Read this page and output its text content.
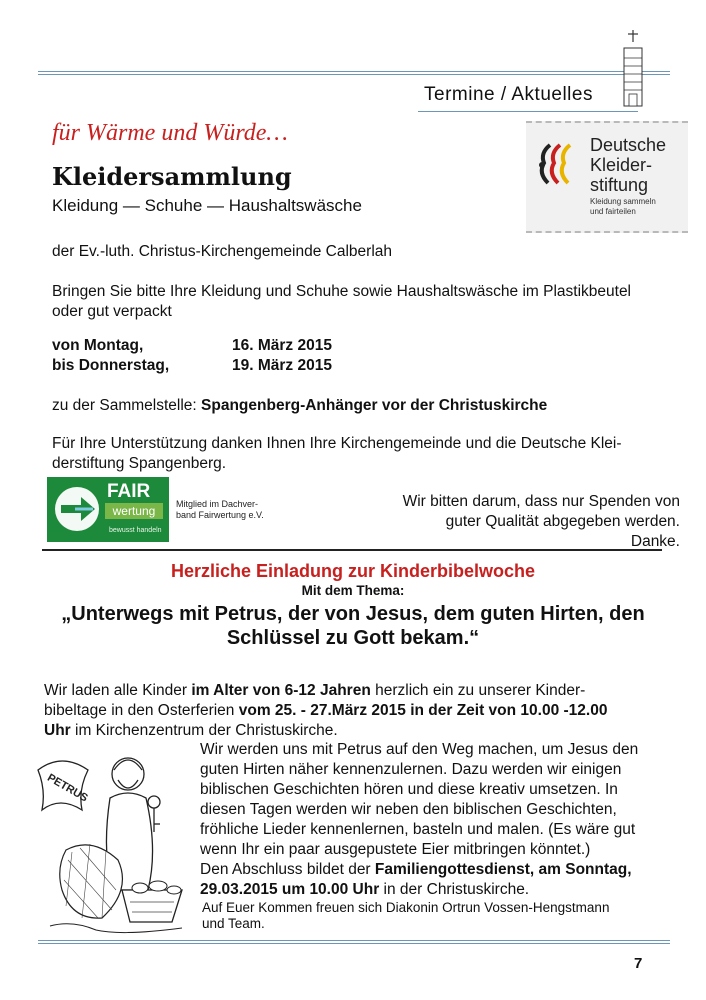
Termine / Aktuelles
für Wärme und Würde…
Kleidersammlung
Kleidung — Schuhe — Haushaltswäsche
Deutsche
Kleider-
stiftung
Kleidung sammeln
und fairteilen
der Ev.-luth. Christus-Kirchengemeinde Calberlah
Bringen Sie bitte Ihre Kleidung und Schuhe sowie Haushaltswäsche im Plastikbeutel
oder gut verpackt
von Montag,	16. März 2015
bis Donnerstag,	19. März 2015
zu der Sammelstelle: Spangenberg-Anhänger vor der Christuskirche
Für Ihre Unterstützung danken Ihnen Ihre Kirchengemeinde und die Deutsche Klei-
derstiftung Spangenberg.
FAIR
wertung
bewusst handeln
Mitglied im Dachver-
band Fairwertung e.V.
Wir bitten darum, dass nur Spenden von
guter Qualität abgegeben werden.
Danke.
Herzliche Einladung zur Kinderbibelwoche
Mit dem Thema:
„Unterwegs mit Petrus, der von Jesus, dem guten Hirten, den
Schlüssel zu Gott bekam.“
Wir laden alle Kinder im Alter von 6-12 Jahren herzlich ein zu unserer Kinder-
bibeltage in den Osterferien vom 25. - 27.März 2015 in der Zeit von 10.00 -12.00
Uhr im Kirchenzentrum der Christuskirche.
PETRUS
Wir werden uns mit Petrus auf den Weg machen, um Jesus den
guten Hirten näher kennenzulernen. Dazu werden wir einigen
biblischen Geschichten hören und diese kreativ umsetzen. In
diesen Tagen werden wir neben den biblischen Geschichten,
fröhliche Lieder kennenlernen, basteln und malen. (Es wäre gut
wenn Ihr ein paar ausgepustete Eier mitbringen könntet.)
Den Abschluss bildet der Familiengottesdienst, am Sonntag,
29.03.2015 um 10.00 Uhr in der Christuskirche.
Auf Euer Kommen freuen sich Diakonin Ortrun Vossen-Hengstmann
und Team.
7
